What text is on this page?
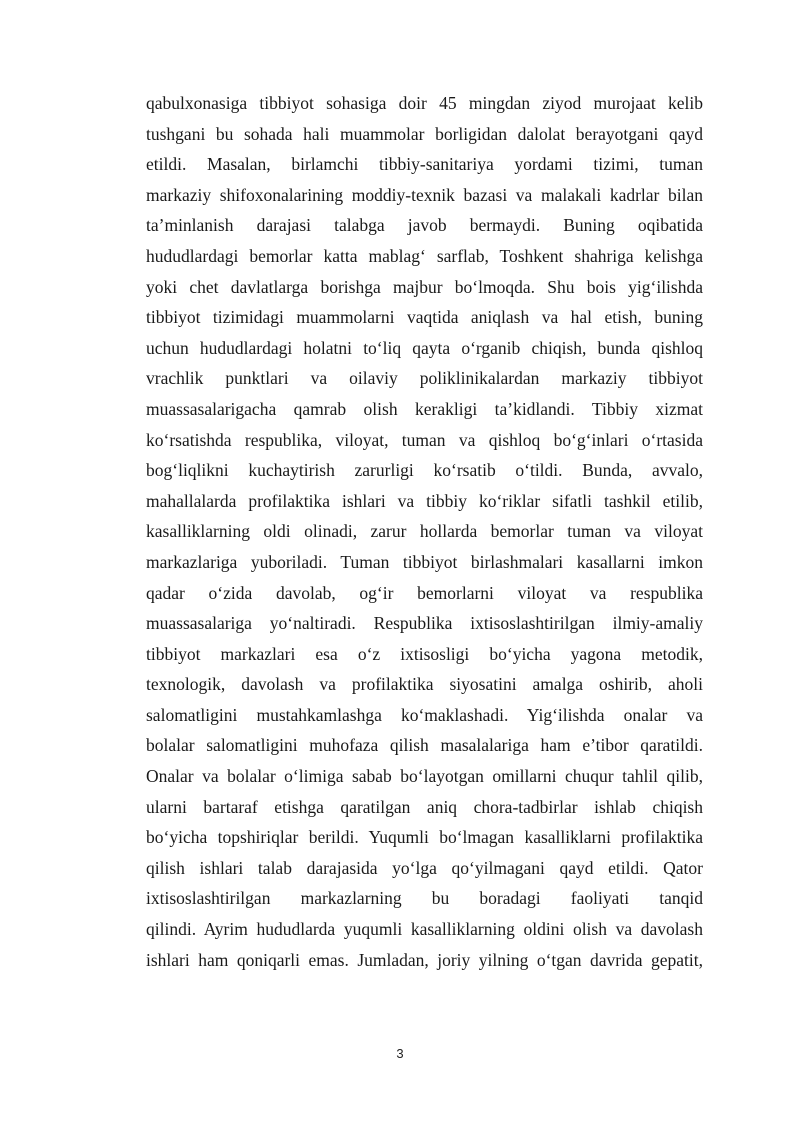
qabulxonasiga tibbiyot sohasiga doir 45 mingdan ziyod murojaat kelib
tushgani bu sohada hali muammolar borligidan dalolat berayotgani qayd
etildi. Masalan, birlamchi tibbiy-sanitariya yordami tizimi, tuman
markaziy shifoxonalarining moddiy-texnik bazasi va malakali kadrlar bilan
ta’minlanish darajasi talabga javob bermaydi. Buning oqibatida
hududlardagi bemorlar katta mablag‘ sarflab, Toshkent shahriga kelishga
yoki chet davlatlarga borishga majbur bo‘lmoqda. Shu bois yig‘ilishda
tibbiyot tizimidagi muammolarni vaqtida aniqlash va hal etish, buning
uchun hududlardagi holatni to‘liq qayta o‘rganib chiqish, bunda qishloq
vrachlik punktlari va oilaviy poliklinikalardan markaziy tibbiyot
muassasalarigacha qamrab olish kerakligi ta’kidlandi. Tibbiy xizmat
ko‘rsatishda respublika, viloyat, tuman va qishloq bo‘g‘inlari o‘rtasida
bog‘liqlikni kuchaytirish zarurligi ko‘rsatib o‘tildi. Bunda, avvalo,
mahallalarda profilaktika ishlari va tibbiy ko‘riklar sifatli tashkil etilib,
kasalliklarning oldi olinadi, zarur hollarda bemorlar tuman va viloyat
markazlariga yuboriladi. Tuman tibbiyot birlashmalari kasallarni imkon
qadar o‘zida davolab, og‘ir bemorlarni viloyat va respublika
muassasalariga yo‘naltiradi. Respublika ixtisoslashtirilgan ilmiy-amaliy
tibbiyot markazlari esa o‘z ixtisosligi bo‘yicha yagona metodik,
texnologik, davolash va profilaktika siyosatini amalga oshirib, aholi
salomatligini mustahkamlashga ko‘maklashadi. Yig‘ilishda onalar va
bolalar salomatligini muhofaza qilish masalalariga ham e’tibor qaratildi.
Onalar va bolalar o‘limiga sabab bo‘layotgan omillarni chuqur tahlil qilib,
ularni bartaraf etishga qaratilgan aniq chora-tadbirlar ishlab chiqish
bo‘yicha topshiriqlar berildi. Yuqumli bo‘lmagan kasalliklarni profilaktika
qilish ishlari talab darajasida yo‘lga qo‘yilmagani qayd etildi. Qator
ixtisoslashtirilgan markazlarning bu boradagi faoliyati tanqid
qilindi. Ayrim hududlarda yuqumli kasalliklarning oldini olish va davolash
ishlari ham qoniqarli emas. Jumladan, joriy yilning o‘tgan davrida gepatit,
3
